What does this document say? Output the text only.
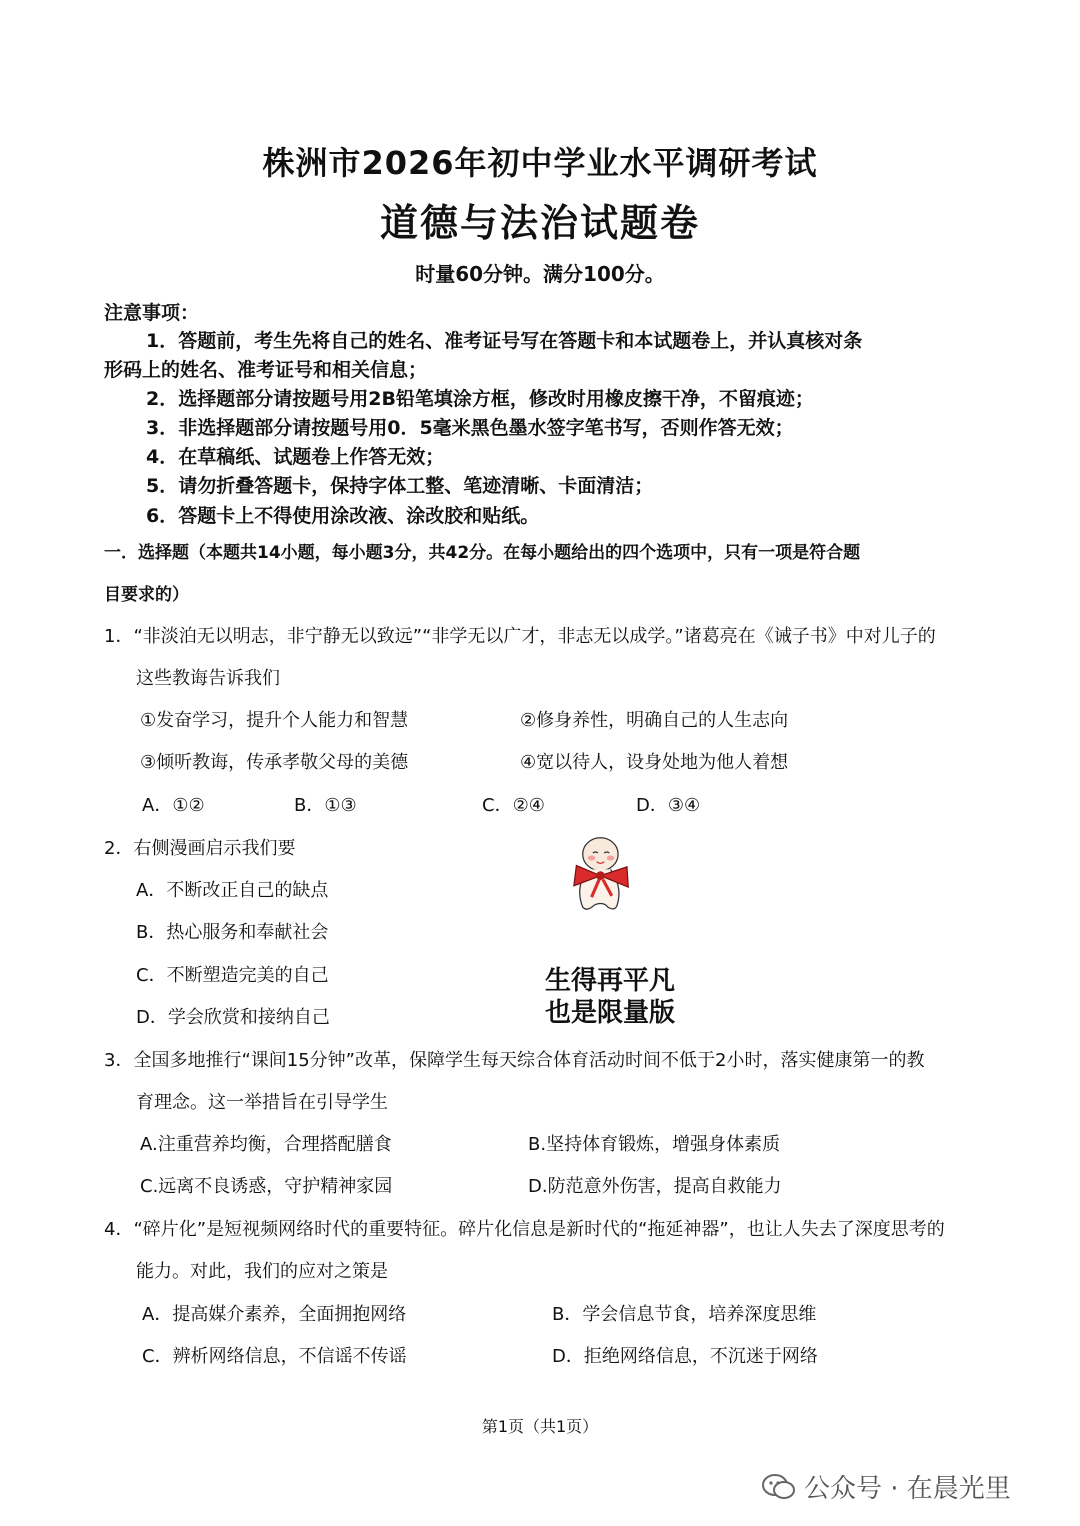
株洲市2026年初中学业水平调研考试
道德与法治试题卷
时量60分钟。满分100分。
注意事项：
1．答题前，考生先将自己的姓名、准考证号写在答题卡和本试题卷上，并认真核对条
形码上的姓名、准考证号和相关信息；
2．选择题部分请按题号用2B铅笔填涂方框，修改时用橡皮擦干净，不留痕迹；
3．非选择题部分请按题号用0．5毫米黑色墨水签字笔书写，否则作答无效；
4．在草稿纸、试题卷上作答无效；
5．请勿折叠答题卡，保持字体工整、笔迹清晰、卡面清洁；
6．答题卡上不得使用涂改液、涂改胶和贴纸。
一．选择题（本题共14小题，每小题3分，共42分。在每小题给出的四个选项中，只有一项是符合题
目要求的）
1．“非淡泊无以明志，非宁静无以致远”“非学无以广才，非志无以成学。”诸葛亮在《诫子书》中对儿子的
这些教诲告诉我们
①发奋学习，提升个人能力和智慧	②修身养性，明确自己的人生志向
③倾听教诲，传承孝敬父母的美德	④宽以待人，设身处地为他人着想
A．①②	B．①③	C．②④	D．③④
2．右侧漫画启示我们要
A．不断改正自己的缺点
B．热心服务和奉献社会
C．不断塑造完美的自己
D．学会欣赏和接纳自己
生得再平凡
也是限量版
3．全国多地推行“课间15分钟”改革，保障学生每天综合体育活动时间不低于2小时，落实健康第一的教
育理念。这一举措旨在引导学生
A.注重营养均衡，合理搭配膳食	B.坚持体育锻炼，增强身体素质
C.远离不良诱惑，守护精神家园	D.防范意外伤害，提高自救能力
4．“碎片化”是短视频网络时代的重要特征。碎片化信息是新时代的“拖延神器”，也让人失去了深度思考的
能力。对此，我们的应对之策是
A．提高媒介素养，全面拥抱网络	B．学会信息节食，培养深度思维
C．辨析网络信息，不信谣不传谣	D．拒绝网络信息，不沉迷于网络
第1页（共1页）
公众号 · 在晨光里
